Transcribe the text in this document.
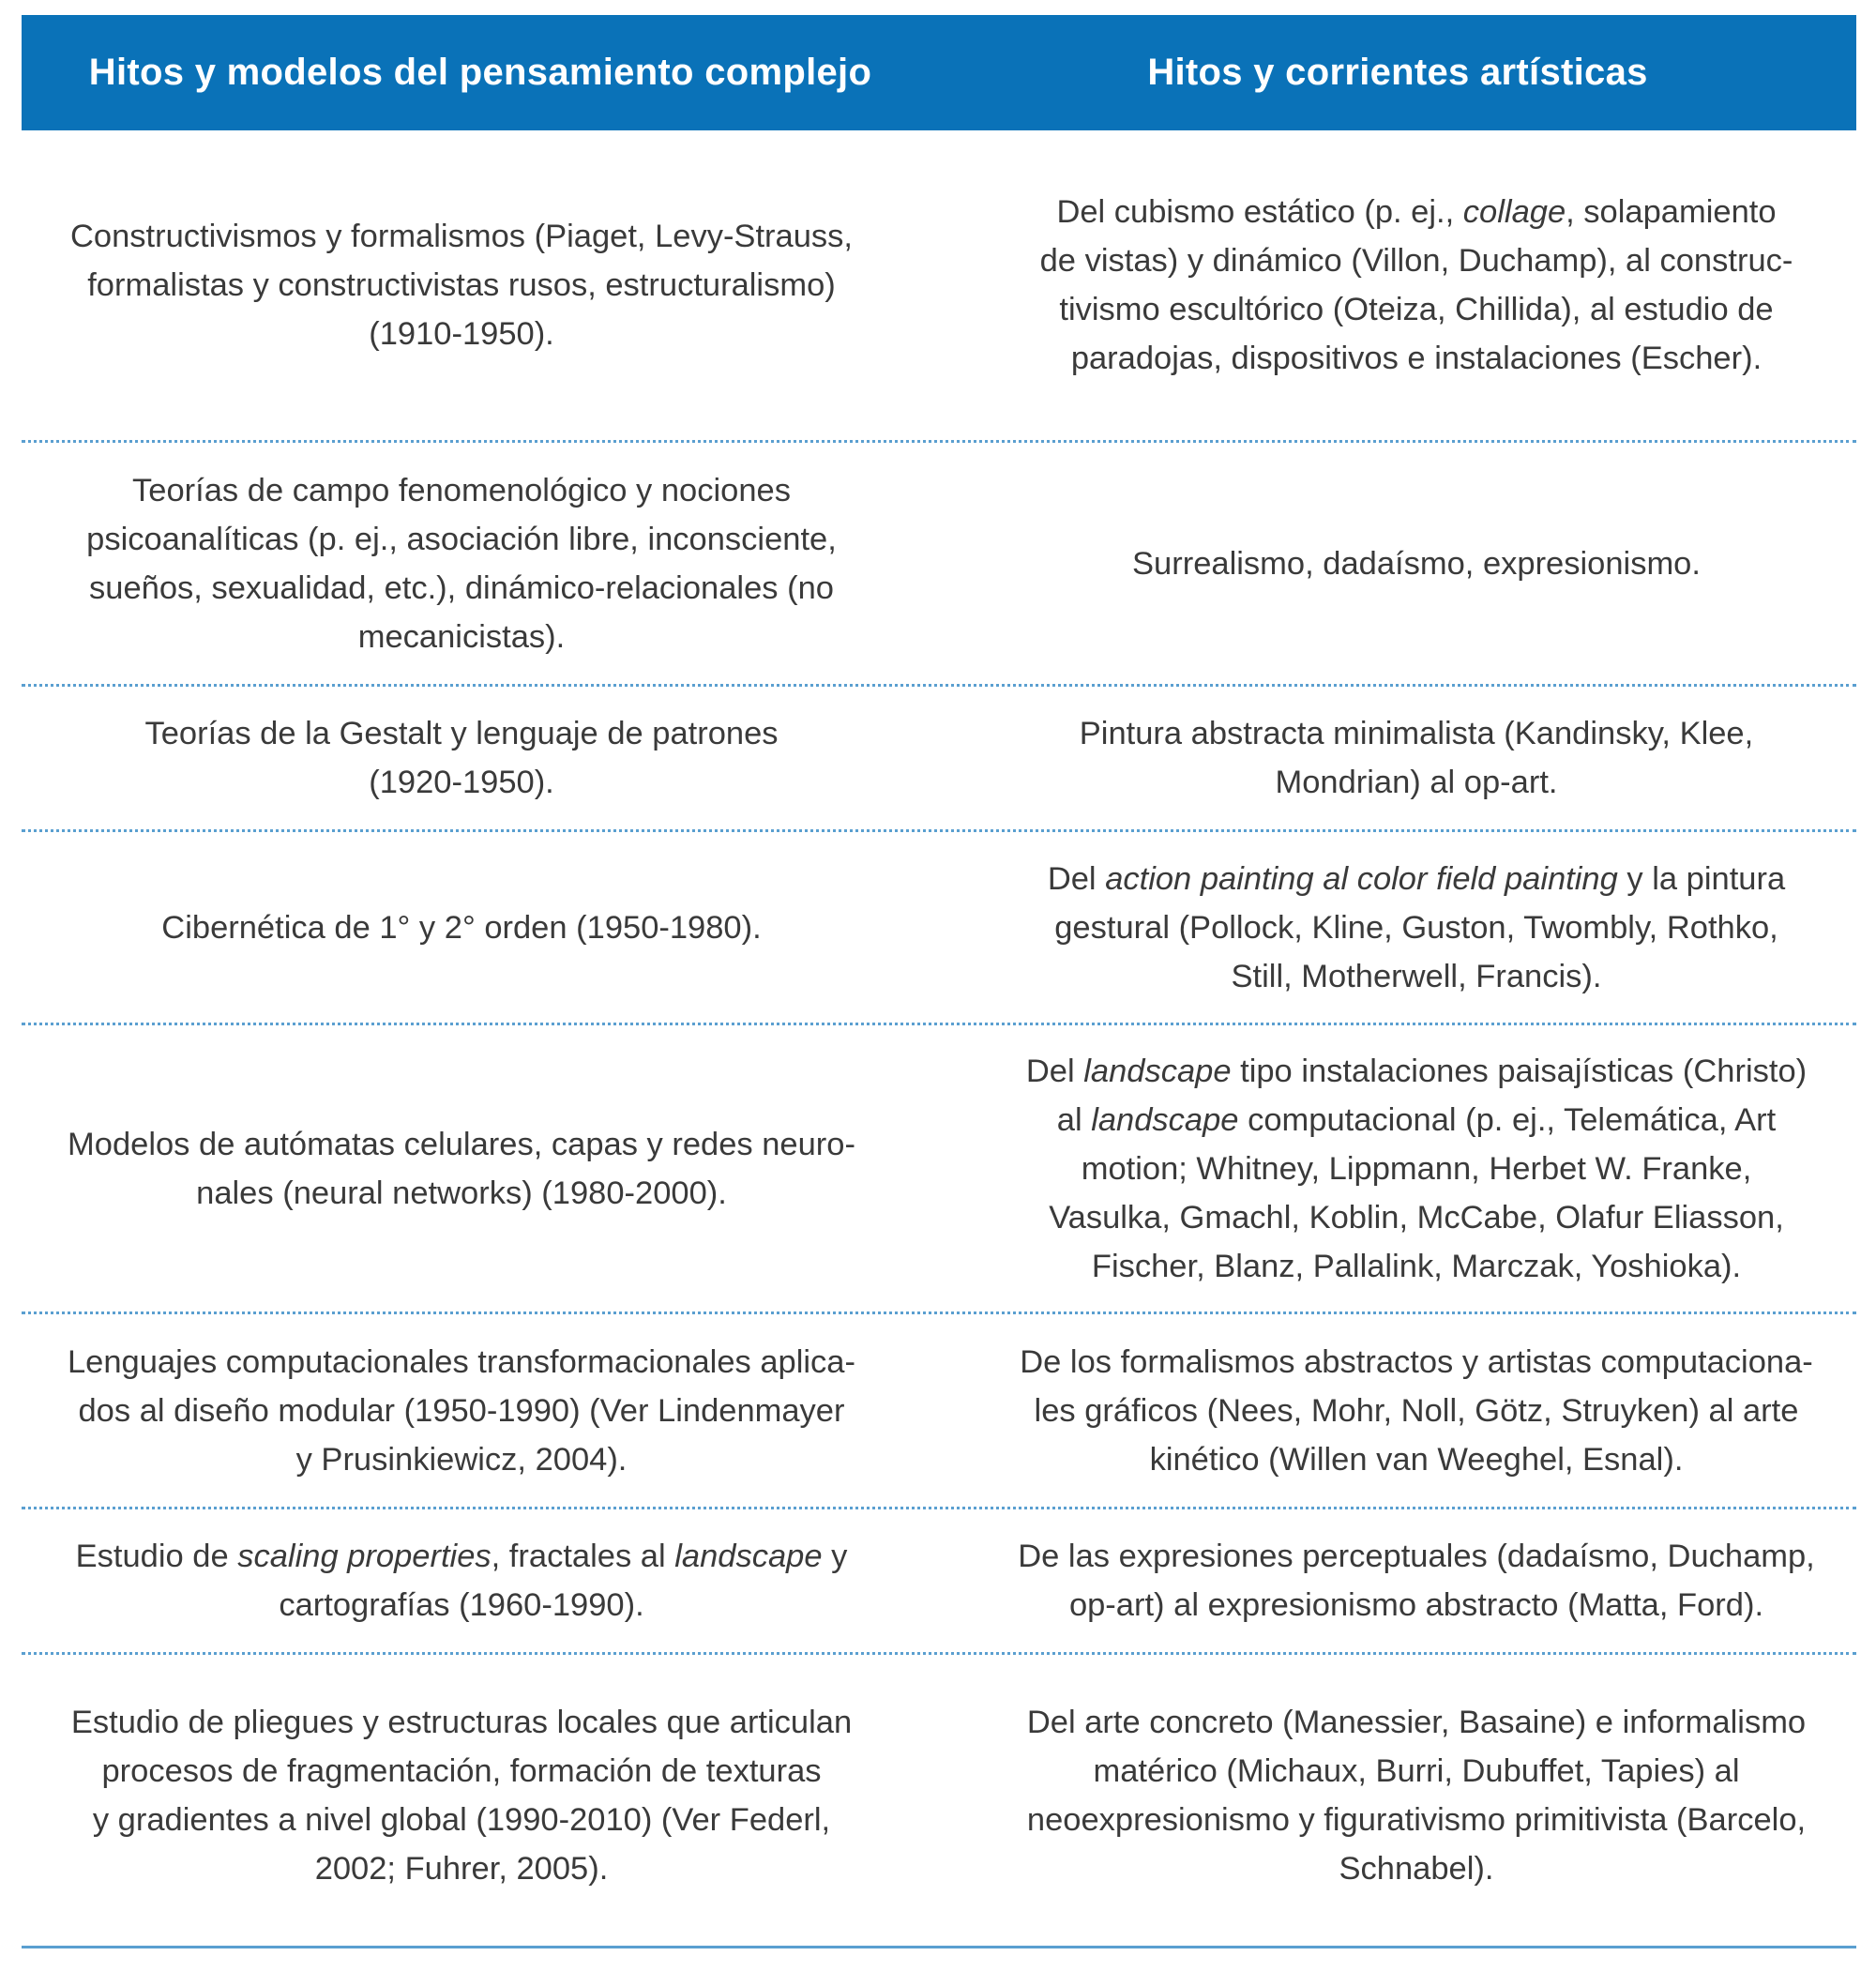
Hitos y modelos del pensamiento complejo	Hitos y corrientes artísticas
Constructivismos y formalismos (Piaget, Levy-Strauss,
formalistas y constructivistas rusos, estructuralismo)
(1910-1950).
Del cubismo estático (p. ej., collage, solapamiento
de vistas) y dinámico (Villon, Duchamp), al construc-
tivismo escultórico (Oteiza, Chillida), al estudio de
paradojas, dispositivos e instalaciones (Escher).
Teorías de campo fenomenológico y nociones
psicoanalíticas (p. ej., asociación libre, inconsciente,
sueños, sexualidad, etc.), dinámico-relacionales (no
mecanicistas).
Surrealismo, dadaísmo, expresionismo.
Teorías de la Gestalt y lenguaje de patrones
(1920-1950).
Pintura abstracta minimalista (Kandinsky, Klee,
Mondrian) al op-art.
Cibernética de 1° y 2° orden (1950-1980).
Del action painting al color field painting y la pintura
gestural (Pollock, Kline, Guston, Twombly, Rothko,
Still, Motherwell, Francis).
Modelos de autómatas celulares, capas y redes neuro-
nales (neural networks) (1980-2000).
Del landscape tipo instalaciones paisajísticas (Christo)
al landscape computacional (p. ej., Telemática, Art
motion; Whitney, Lippmann, Herbet W. Franke,
Vasulka, Gmachl, Koblin, McCabe, Olafur Eliasson,
Fischer, Blanz, Pallalink, Marczak, Yoshioka).
Lenguajes computacionales transformacionales aplica-
dos al diseño modular (1950-1990) (Ver Lindenmayer
y Prusinkiewicz, 2004).
De los formalismos abstractos y artistas computaciona-
les gráficos (Nees, Mohr, Noll, Götz, Struyken) al arte
kinético (Willen van Weeghel, Esnal).
Estudio de scaling properties, fractales al landscape y
cartografías (1960-1990).
De las expresiones perceptuales (dadaísmo, Duchamp,
op-art) al expresionismo abstracto (Matta, Ford).
Estudio de pliegues y estructuras locales que articulan
procesos de fragmentación, formación de texturas
y gradientes a nivel global (1990-2010) (Ver Federl,
2002; Fuhrer, 2005).
Del arte concreto (Manessier, Basaine) e informalismo
matérico (Michaux, Burri, Dubuffet, Tapies) al
neoexpresionismo y figurativismo primitivista (Barcelo,
Schnabel).
